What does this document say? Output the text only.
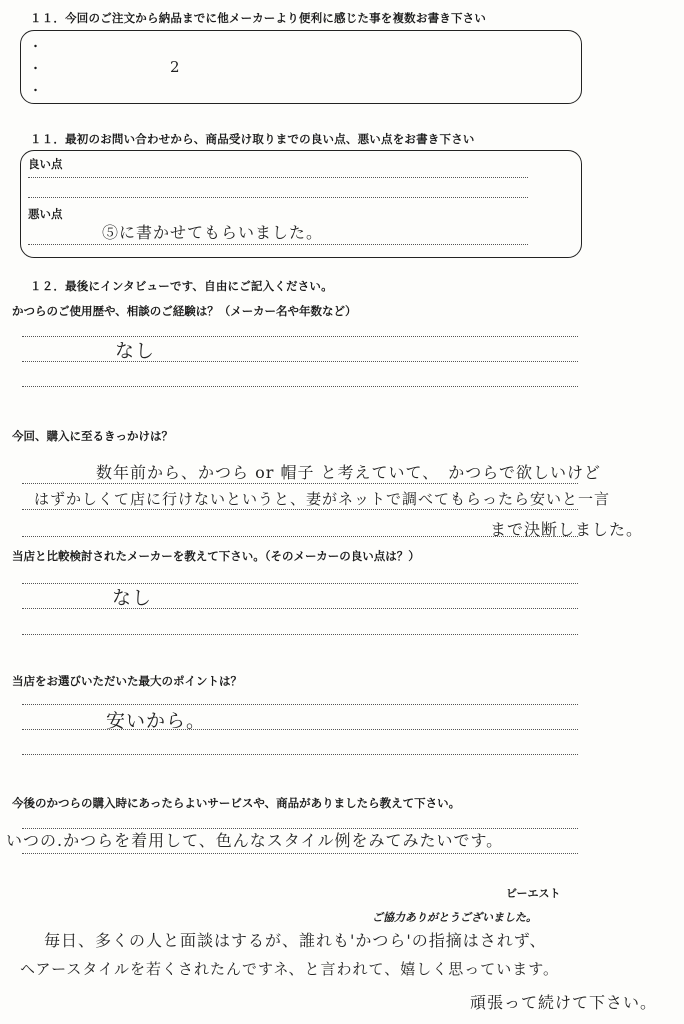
１１．今回のご注文から納品までに他メーカーより便利に感じた事を複数お書き下さい
・
・
・
2
１１．最初のお問い合わせから、商品受け取りまでの良い点、悪い点をお書き下さい
良い点
悪い点
⑤に書かせてもらいました。
１２．最後にインタビューです、自由にご記入ください。
かつらのご使用歴や、相談のご経験は？（メーカー名や年数など）
なし
今回、購入に至るきっかけは？
数年前から、かつら or 帽子 と考えていて、　かつらで欲しいけど
はずかしくて店に行けないというと、妻がネットで調べてもらったら安いと一言
まで決断しました。
当店と比較検討されたメーカーを教えて下さい。（そのメーカーの良い点は？）
なし
当店をお選びいただいた最大のポイントは？
安いから。
今後のかつらの購入時にあったらよいサービスや、商品がありましたら教えて下さい。
いつの.かつらを着用して、色んなスタイル例をみてみたいです。
ビーエスト
ご協力ありがとうございました。
毎日、多くの人と面談はするが、誰れも'かつら'の指摘はされず、
ヘアースタイルを若くされたんですネ、と言われて、嬉しく思っています。
頑張って続けて下さい。
